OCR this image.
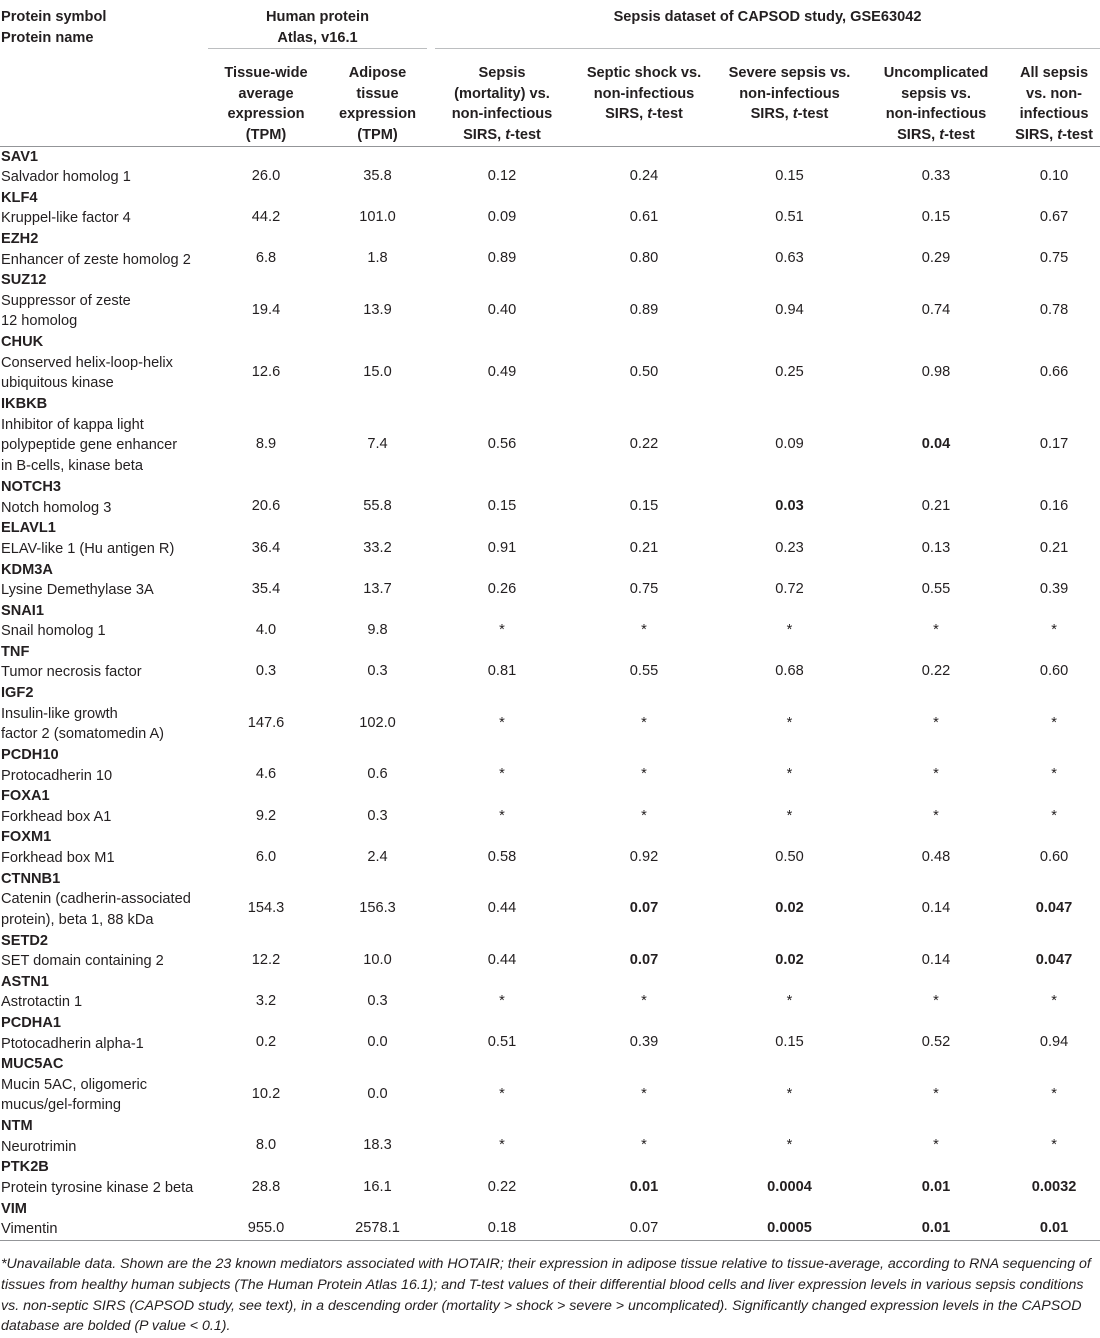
Protein symbol
Protein name	Human protein
Atlas, v16.1		Sepsis dataset of CAPSOD study, GSE63042				

	Tissue-wide
average
expression
(TPM)	Adipose
tissue
expression
(TPM)	Sepsis
(mortality) vs.
non-infectious
SIRS, t-test	Septic shock vs.
non-infectious
SIRS, t-test	Severe sepsis vs.
non-infectious
SIRS, t-test	Uncomplicated
sepsis vs.
non-infectious
SIRS, t-test	All sepsis
vs. non-
infectious
SIRS, t-test

SAV1
Salvador homolog 1	26.0	35.8	0.12	0.24	0.15	0.33	0.10

KLF4
Kruppel-like factor 4	44.2	101.0	0.09	0.61	0.51	0.15	0.67

EZH2
Enhancer of zeste homolog 2	6.8	1.8	0.89	0.80	0.63	0.29	0.75

SUZ12
Suppressor of zeste
12 homolog	19.4	13.9	0.40	0.89	0.94	0.74	0.78

CHUK
Conserved helix-loop-helix
ubiquitous kinase	12.6	15.0	0.49	0.50	0.25	0.98	0.66

IKBKB
Inhibitor of kappa light
polypeptide gene enhancer
in B-cells, kinase beta	8.9	7.4	0.56	0.22	0.09	0.04	0.17

NOTCH3
Notch homolog 3	20.6	55.8	0.15	0.15	0.03	0.21	0.16

ELAVL1
ELAV-like 1 (Hu antigen R)	36.4	33.2	0.91	0.21	0.23	0.13	0.21

KDM3A
Lysine Demethylase 3A	35.4	13.7	0.26	0.75	0.72	0.55	0.39

SNAI1
Snail homolog 1	4.0	9.8	*	*	*	*	*

TNF
Tumor necrosis factor	0.3	0.3	0.81	0.55	0.68	0.22	0.60

IGF2
Insulin-like growth
factor 2 (somatomedin A)	147.6	102.0	*	*	*	*	*

PCDH10
Protocadherin 10	4.6	0.6	*	*	*	*	*

FOXA1
Forkhead box A1	9.2	0.3	*	*	*	*	*

FOXM1
Forkhead box M1	6.0	2.4	0.58	0.92	0.50	0.48	0.60

CTNNB1
Catenin (cadherin-associated
protein), beta 1, 88 kDa	154.3	156.3	0.44	0.07	0.02	0.14	0.047

SETD2
SET domain containing 2	12.2	10.0	0.44	0.07	0.02	0.14	0.047

ASTN1
Astrotactin 1	3.2	0.3	*	*	*	*	*

PCDHA1
Ptotocadherin alpha-1	0.2	0.0	0.51	0.39	0.15	0.52	0.94

MUC5AC
Mucin 5AC, oligomeric
mucus/gel-forming	10.2	0.0	*	*	*	*	*

NTM
Neurotrimin	8.0	18.3	*	*	*	*	*

PTK2B
Protein tyrosine kinase 2 beta	28.8	16.1	0.22	0.01	0.0004	0.01	0.0032

VIM
Vimentin	955.0	2578.1	0.18	0.07	0.0005	0.01	0.01
*Unavailable data. Shown are the 23 known mediators associated with HOTAIR; their expression in adipose tissue relative to tissue-average, according to RNA sequencing of tissues from healthy human subjects (The Human Protein Atlas 16.1); and T-test values of their differential blood cells and liver expression levels in various sepsis conditions vs. non-septic SIRS (CAPSOD study, see text), in a descending order (mortality > shock > severe > uncomplicated). Significantly changed expression levels in the CAPSOD database are bolded (P value < 0.1).
